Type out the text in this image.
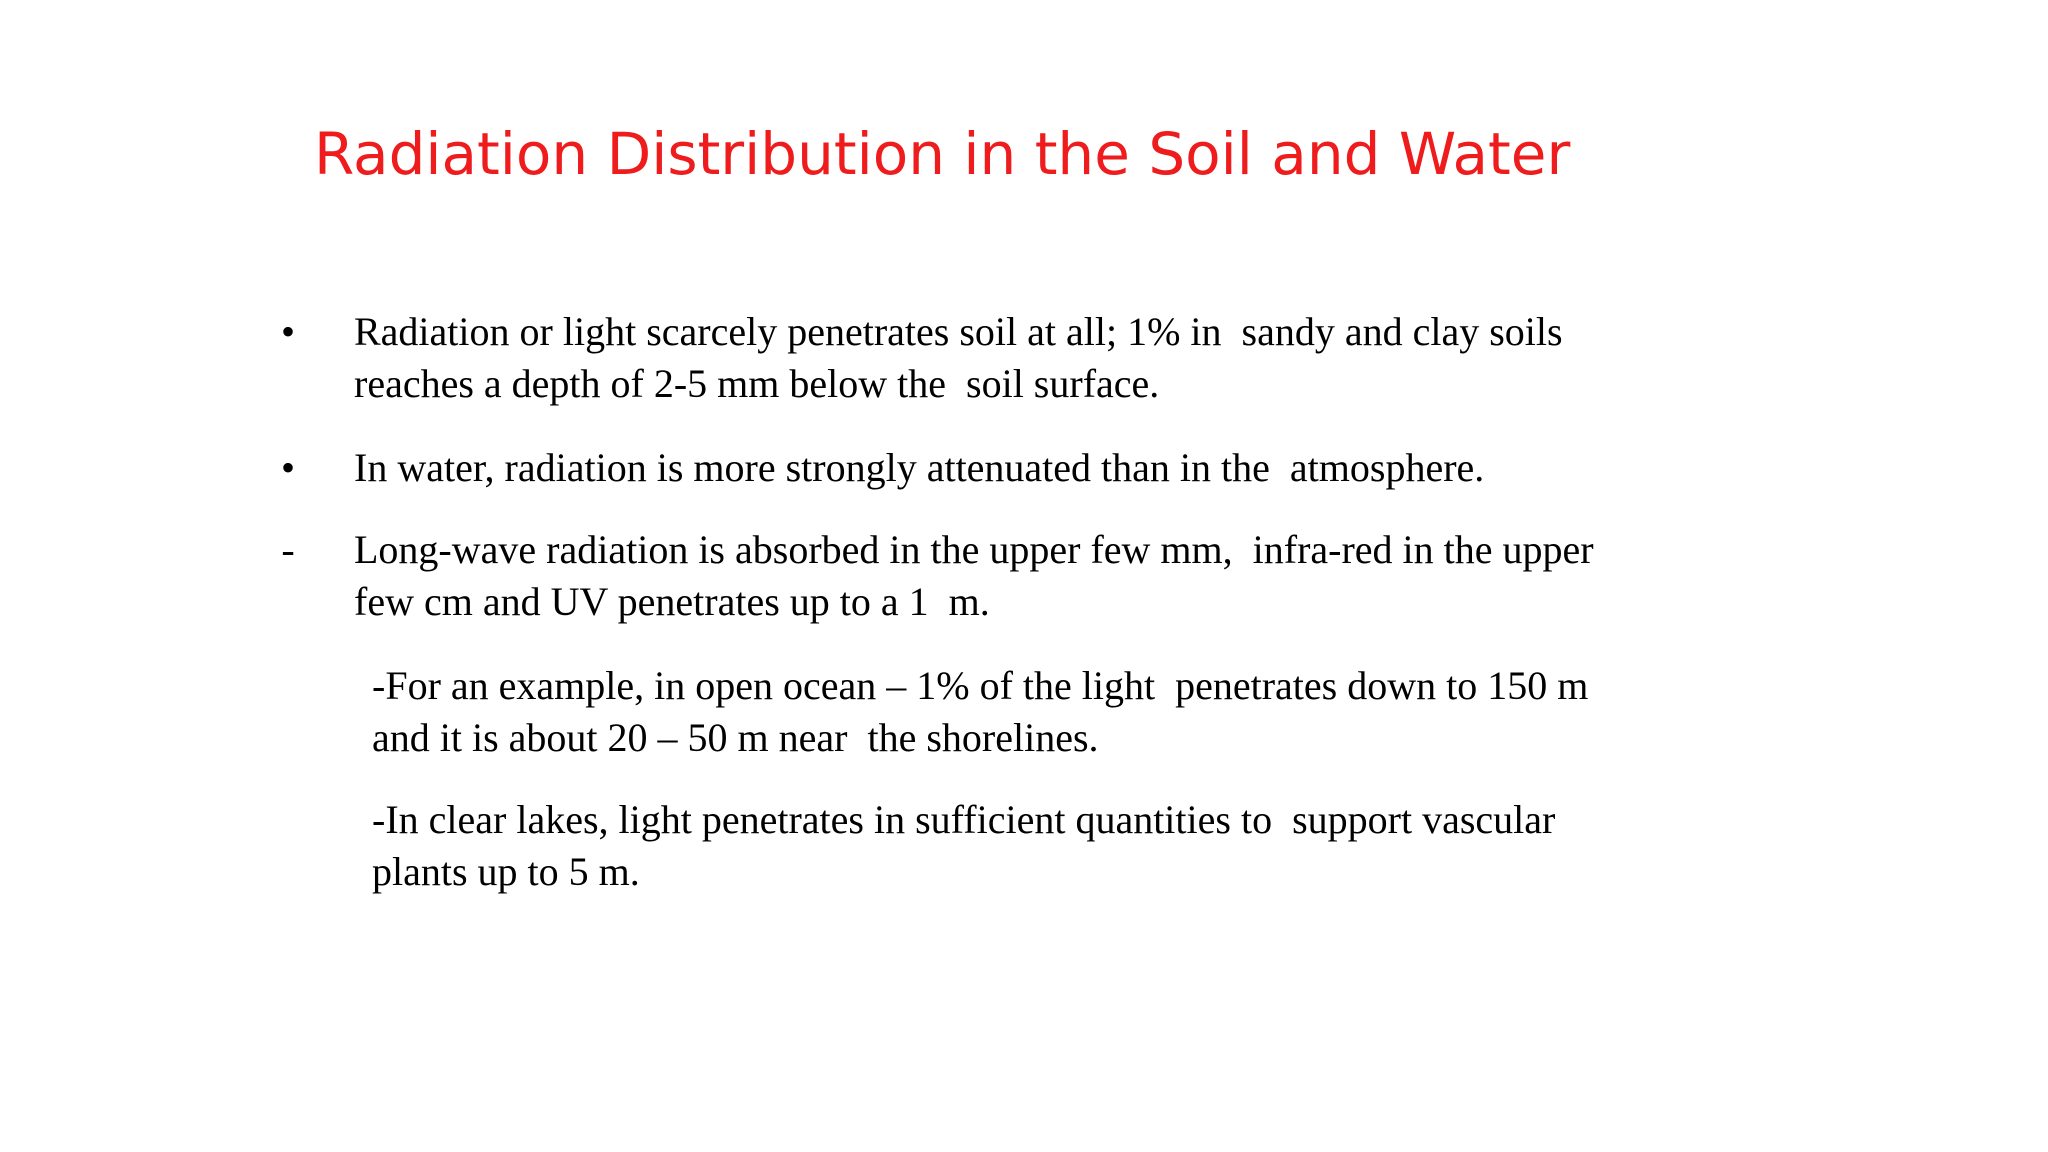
Radiation Distribution in the Soil and Water
•	Radiation or light scarcely penetrates soil at all; 1% in  sandy and clay soils
reaches a depth of 2-5 mm below the  soil surface.
•	In water, radiation is more strongly attenuated than in the  atmosphere.
-	Long-wave radiation is absorbed in the upper few mm,  infra-red in the upper
few cm and UV penetrates up to a 1  m.
-For an example, in open ocean – 1% of the light  penetrates down to 150 m
and it is about 20 – 50 m near  the shorelines.
-In clear lakes, light penetrates in sufficient quantities to  support vascular
plants up to 5 m.
